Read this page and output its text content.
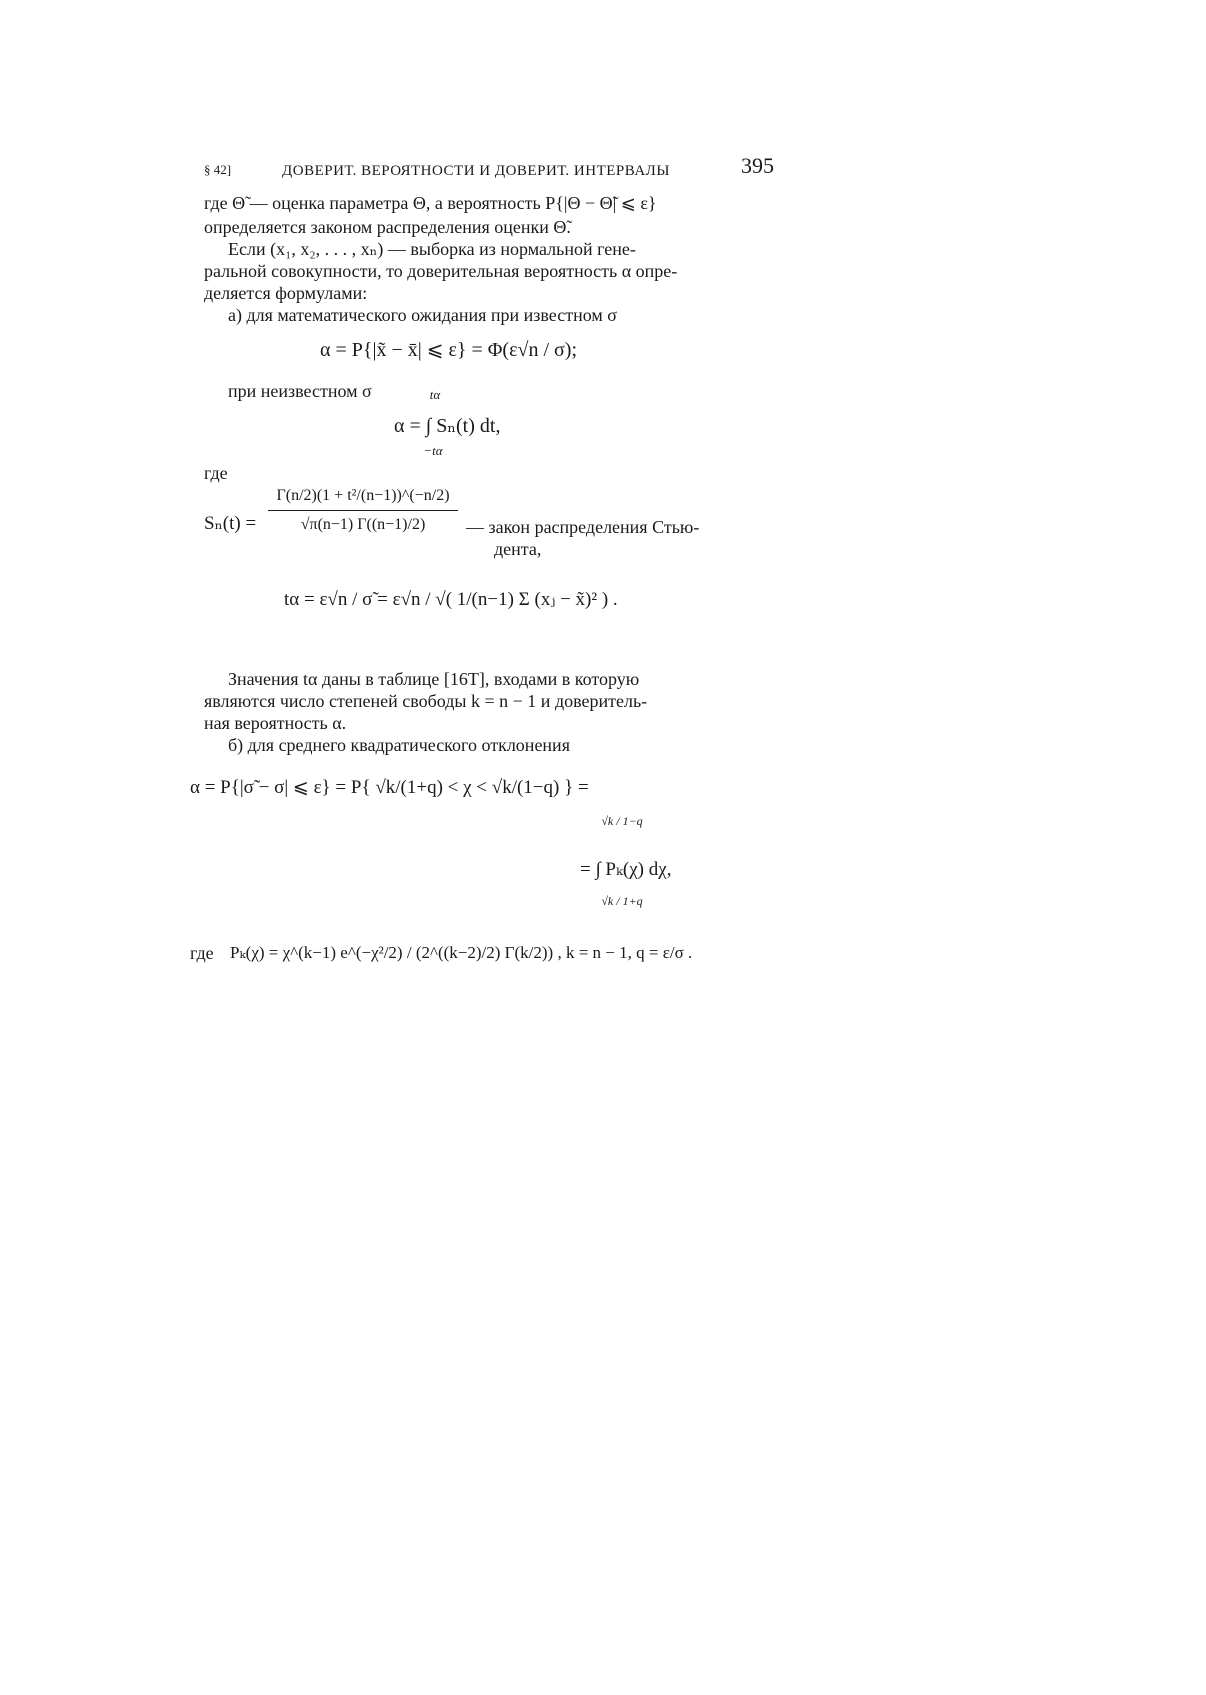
§ 42]	ДОВЕРИТ. ВЕРОЯТНОСТИ И ДОВЕРИТ. ИНТЕРВАЛЫ	395
где Θ̃ — оценка параметра Θ, а вероятность P{|Θ − Θ̃| ⩽ ε}
определяется законом распределения оценки Θ̃.
Если (x₁, x₂, . . . , xₙ) — выборка из нормальной гене-
ральной совокупности, то доверительная вероятность α опре-
деляется формулами:
а) для математического ожидания при известном σ
α = P{|x̃ − x̄| ⩽ ε} = Φ(ε√n / σ);
при неизвестном σ	tα
α = ∫ Sₙ(t) dt,
−tα
где
$S_n(t) = \frac{\text{Γ(n/2)(1 + t²/(n−1))\textasciicircum{}(−n/2)}}{√\pi(n-1) \Gamma((n-1)/2)}$ — закон распределения Стью-
дента,
tα = ε√n / σ̃ = ε√n / √( 1/(n−1) Σ (xⱼ − x̃)² ) .
Значения tα даны в таблице [16T], входами в которую
являются число степеней свободы k = n − 1 и доверитель-
ная вероятность α.
б) для среднего квадратического отклонения
α = P{|σ̃ − σ| ⩽ ε} = P{ √k/(1+q) < χ < √k/(1−q) } =
√k / 1−q
= ∫ Pₖ(χ) dχ,
√k / 1+q
где Pₖ(χ) = χ^(k−1) e^(−χ²/2) / (2^((k−2)/2) Γ(k/2)) , k = n − 1, q = ε/σ .
